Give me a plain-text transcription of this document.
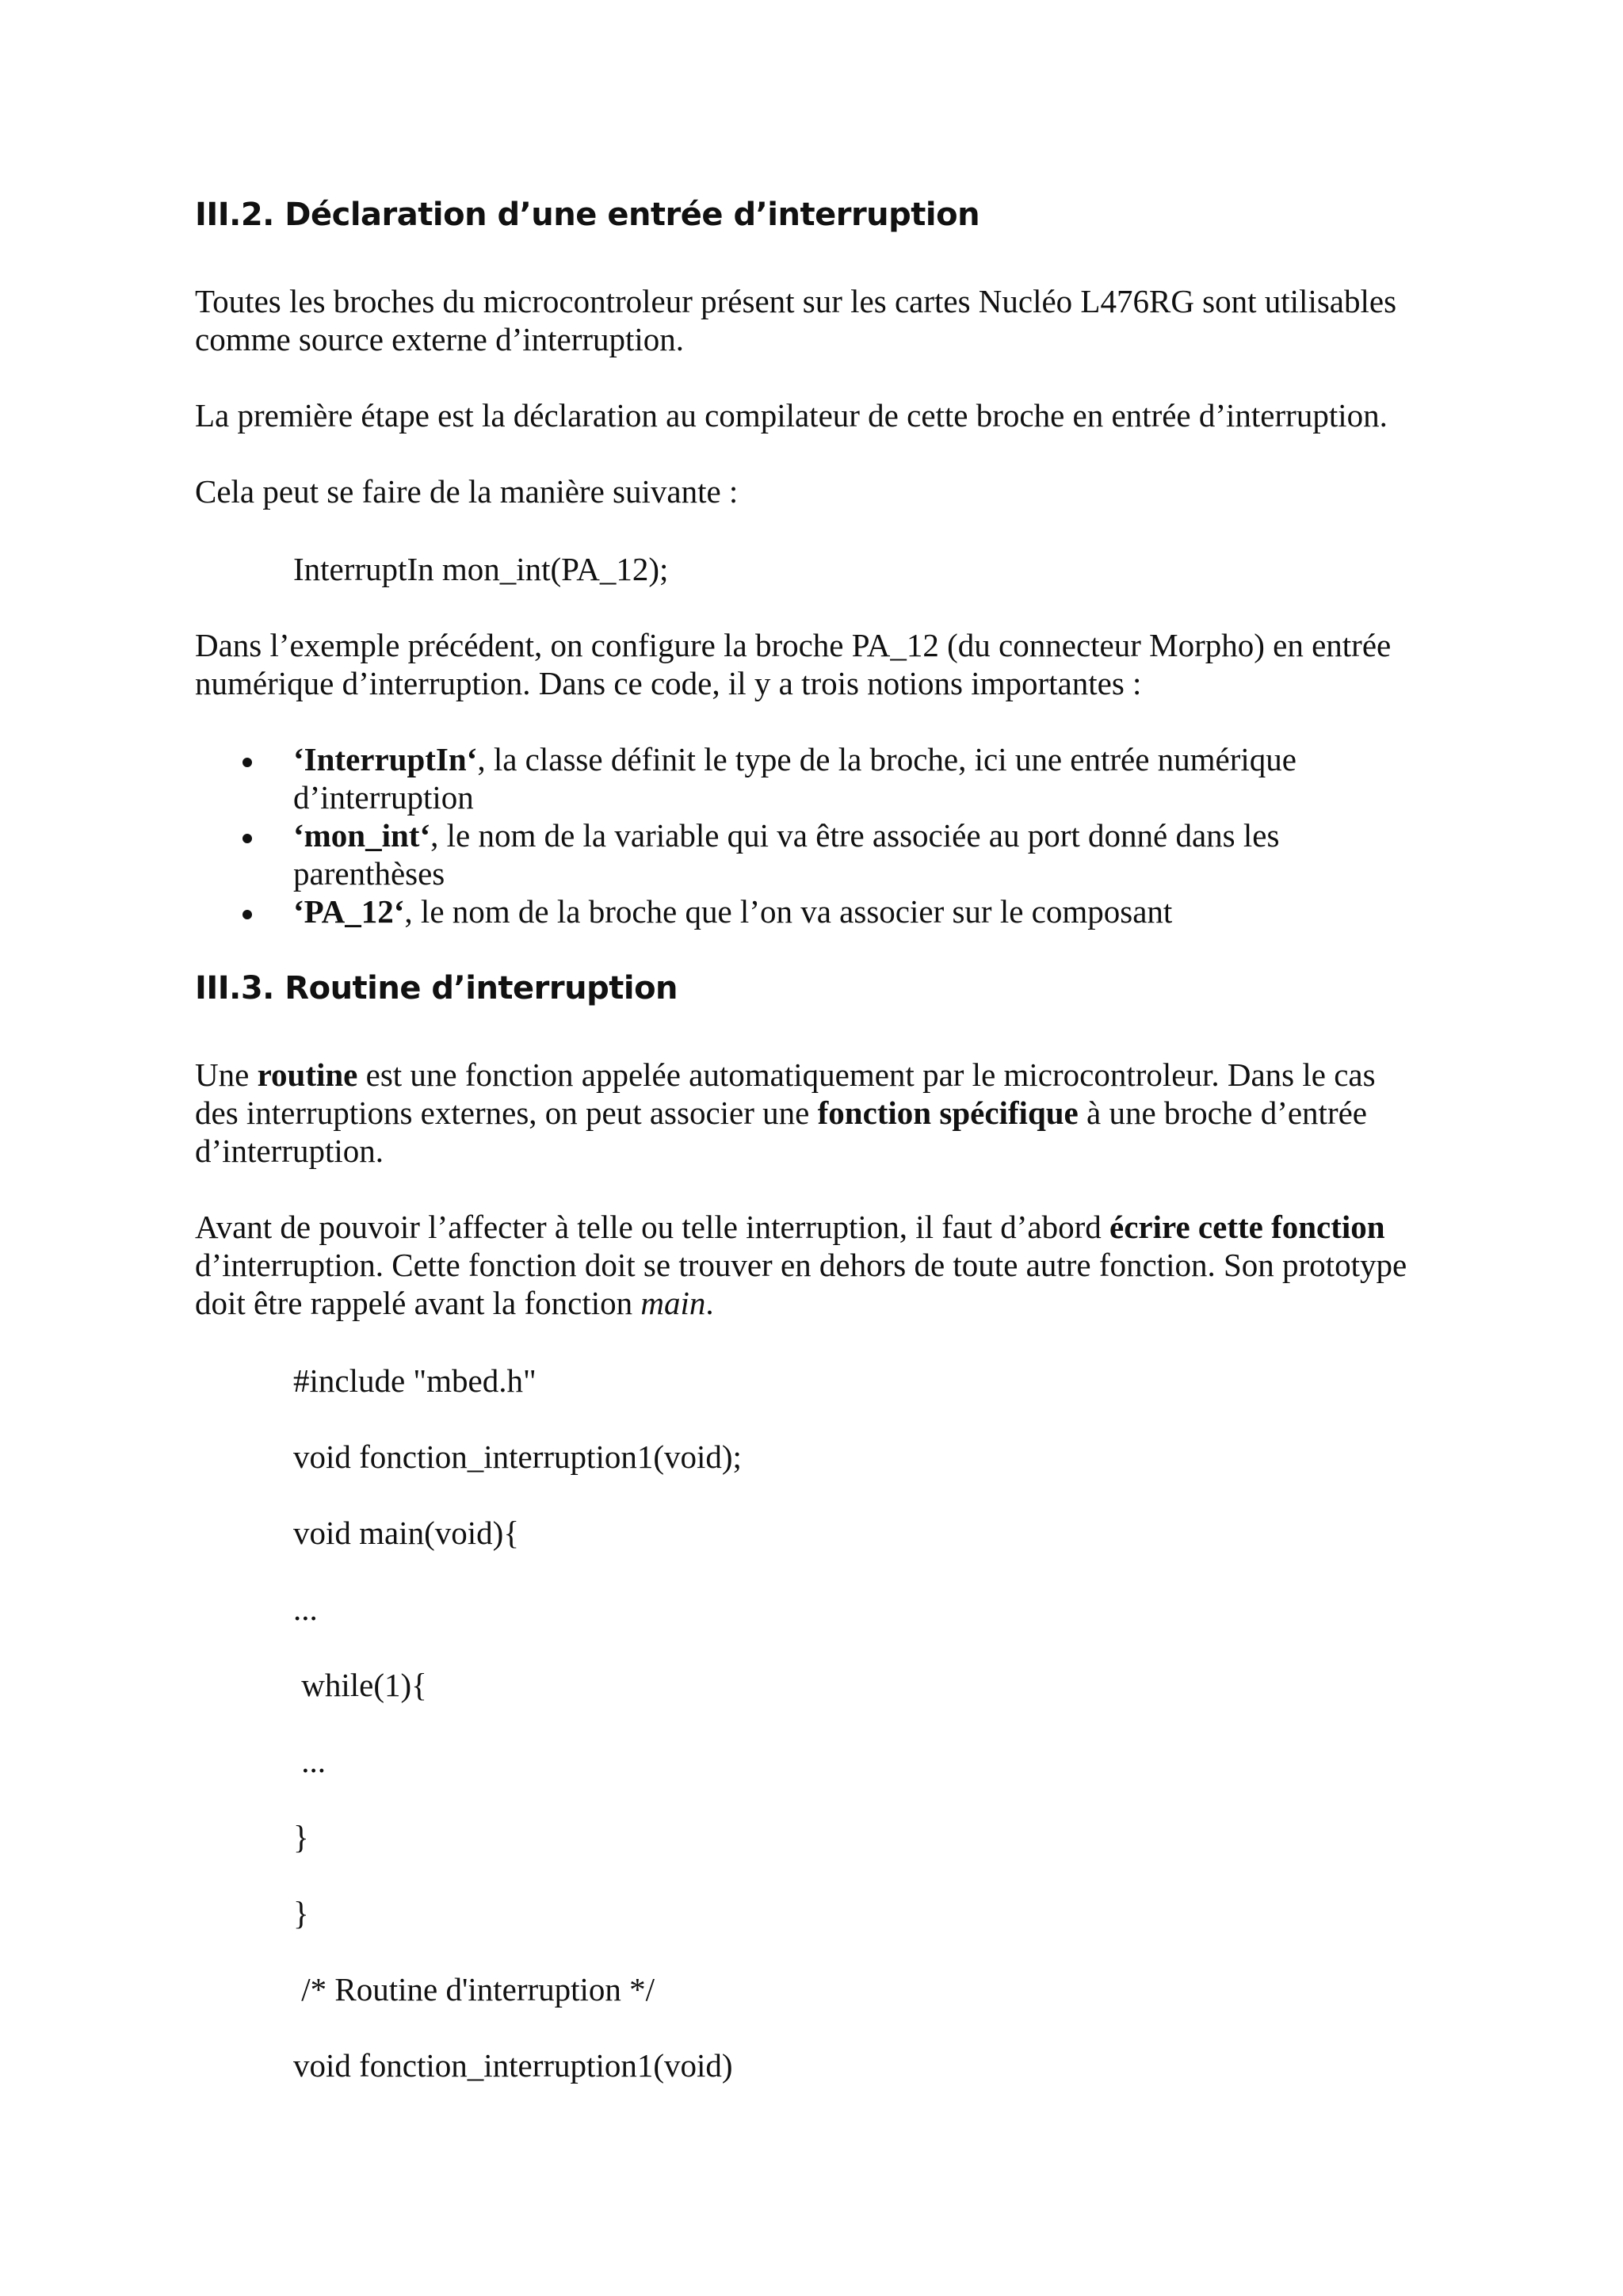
III.2. Déclaration d’une entrée d’interruption

Toutes les broches du microcontroleur présent sur les cartes Nucléo L476RG sont utilisables

comme source externe d’interruption.

La première étape est la déclaration au compilateur de cette broche en entrée d’interruption.

Cela peut se faire de la manière suivante :

InterruptIn mon_int(PA_12);

Dans l’exemple précédent, on configure la broche PA_12 (du connecteur Morpho) en entrée

numérique d’interruption. Dans ce code, il y a trois notions importantes :

‘InterruptIn‘, la classe définit le type de la broche, ici une entrée numérique

d’interruption

‘mon_int‘, le nom de la variable qui va être associée au port donné dans les

parenthèses

‘PA_12‘, le nom de la broche que l’on va associer sur le composant

III.3. Routine d’interruption

Une routine est une fonction appelée automatiquement par le microcontroleur. Dans le cas

des interruptions externes, on peut associer une fonction spécifique à une broche d’entrée

d’interruption.

Avant de pouvoir l’affecter à telle ou telle interruption, il faut d’abord écrire cette fonction

d’interruption. Cette fonction doit se trouver en dehors de toute autre fonction. Son prototype

doit être rappelé avant la fonction main.

#include "mbed.h"

void fonction_interruption1(void);

void main(void){

...

while(1){

...

}

}

/* Routine d'interruption */

void fonction_interruption1(void)
